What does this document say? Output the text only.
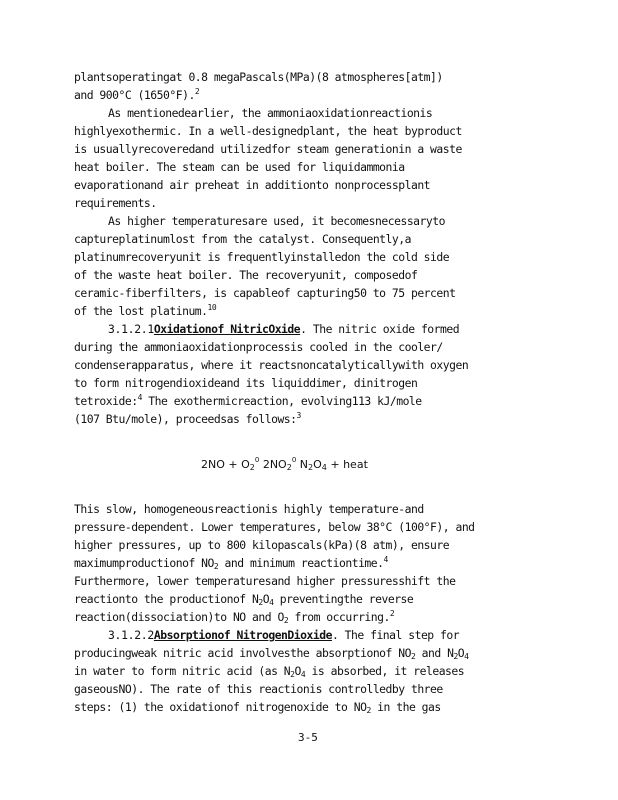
plantsoperatingat 0.8 megaPascals(MPa)(8 atmospheres[atm])
and 900°C (1650°F).$^2$
As mentionedearlier, the ammoniaoxidationreactionis
highlyexothermic. In a well-designedplant, the heat byproduct
is usuallyrecoveredand utilizedfor steam generationin a waste
heat boiler. The steam can be used for liquidammonia
evaporationand air preheat in additionto nonprocessplant
requirements.
As higher temperaturesare used, it becomesnecessaryto
captureplatinumlost from the catalyst. Consequently,a
platinumrecoveryunit is frequentlyinstalledon the cold side
of the waste heat boiler. The recoveryunit, composedof
ceramic-fiberfilters, is capableof capturing50 to 75 percent
of the lost platinum.$^{10}$
3.1.2.1Oxidationof NitricOxide. The nitric oxide formed
during the ammoniaoxidationprocessis cooled in the cooler/
condenserapparatus, where it reactsnoncatalyticallywith oxygen
to form nitrogendioxideand its liquiddimer, dinitrogen
tetroxide:$^4$ The exothermicreaction, evolving113 kJ/mole
(107 Btu/mole), proceedsas follows:$^3$
$2NO + O_2^0$ $2NO_2^0$ $N_2O_4$ + heat
This slow, homogeneousreactionis highly temperature-and
pressure-dependent. Lower temperatures, below 38°C (100°F), and
higher pressures, up to 800 kilopascals(kPa)(8 atm), ensure
maximumproductionof $NO_2$ and minimum reactiontime.$^4$
Furthermore, lower temperaturesand higher pressuresshift the
reactionto the productionof $N_2O_4$ preventingthe reverse
reaction(dissociation)to NO and $O_2$ from occurring.$^2$
3.1.2.2Absorptionof NitrogenDioxide. The final step for
producingweak nitric acid involvesthe absorptionof $NO_2$ and $N_2O_4$
in water to form nitric acid (as $N_2O_4$ is absorbed, it releases
gaseousNO). The rate of this reactionis controlledby three
steps: (1) the oxidationof nitrogenoxide to $NO_2$ in the gas
3-5
